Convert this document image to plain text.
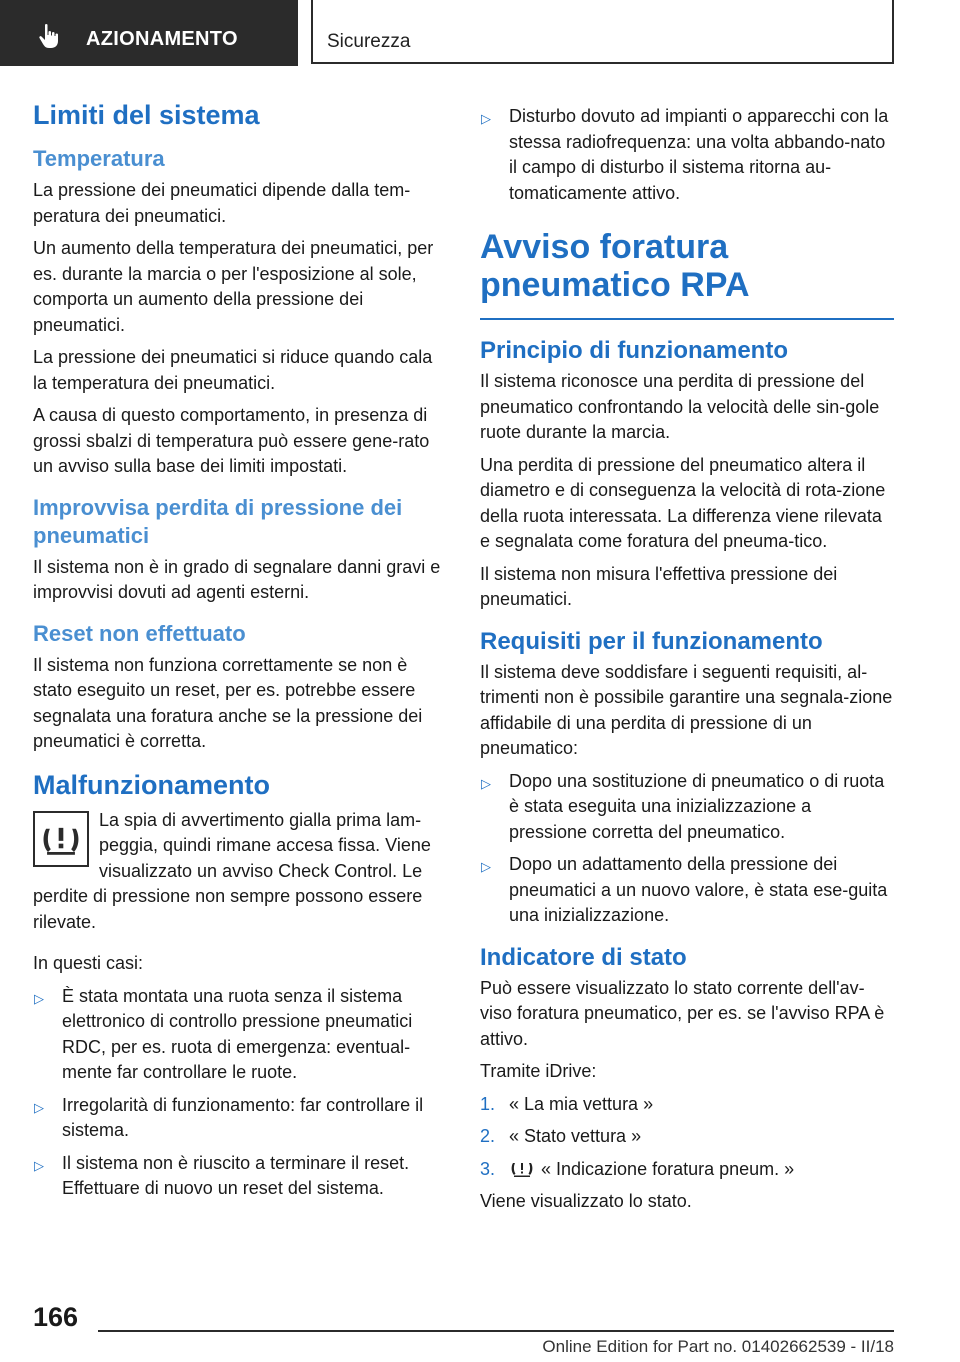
AZIONAMENTO	Sicurezza
Limiti del sistema
Temperatura

La pressione dei pneumatici dipende dalla tem-peratura dei pneumatici.

Un aumento della temperatura dei pneumatici, per es. durante la marcia o per l'esposizione al sole, comporta un aumento della pressione dei pneumatici.

La pressione dei pneumatici si riduce quando cala la temperatura dei pneumatici.

A causa di questo comportamento, in presenza di grossi sbalzi di temperatura può essere gene-rato un avviso sulla base dei limiti impostati.

Improvvisa perdita di pressione dei pneumatici

Il sistema non è in grado di segnalare danni gravi e improvvisi dovuti ad agenti esterni.

Reset non effettuato

Il sistema non funziona correttamente se non è stato eseguito un reset, per es. potrebbe essere segnalata una foratura anche se la pressione dei pneumatici è corretta.

Malfunzionamento

La spia di avvertimento gialla prima lam-peggia, quindi rimane accesa fissa. Viene visualizzato un avviso Check Control. Le

perdite di pressione non sempre possono essere rilevate.

In questi casi:

▷ È stata montata una ruota senza il sistema elettronico di controllo pressione pneumatici RDC, per es. ruota di emergenza: eventual-mente far controllare le ruote.
▷ Irregolarità di funzionamento: far controllare il sistema.
▷ Il sistema non è riuscito a terminare il reset. Effettuare di nuovo un reset del sistema.
▷ Disturbo dovuto ad impianti o apparecchi con la stessa radiofrequenza: una volta abbando-nato il campo di disturbo il sistema ritorna au-tomaticamente attivo.
Avviso foratura pneumatico RPA
Principio di funzionamento

Il sistema riconosce una perdita di pressione del pneumatico confrontando la velocità delle sin-gole ruote durante la marcia.

Una perdita di pressione del pneumatico altera il diametro e di conseguenza la velocità di rota-zione della ruota interessata. La differenza viene rilevata e segnalata come foratura del pneuma-tico.

Il sistema non misura l'effettiva pressione dei pneumatici.

Requisiti per il funzionamento

Il sistema deve soddisfare i seguenti requisiti, al-trimenti non è possibile garantire una segnala-zione affidabile di una perdita di pressione di un pneumatico:

▷ Dopo una sostituzione di pneumatico o di ruota è stata eseguita una inizializzazione a pressione corretta del pneumatico.
▷ Dopo un adattamento della pressione dei pneumatici a un nuovo valore, è stata ese-guita una inizializzazione.
Indicatore di stato

Può essere visualizzato lo stato corrente dell'av-viso foratura pneumatico, per es. se l'avviso RPA è attivo.

Tramite iDrive:

1. « La mia vettura »
2. « Stato vettura »
3.	« Indicazione foratura pneum. »

Viene visualizzato lo stato.

166
Online Edition for Part no. 01402662539 - II/18
